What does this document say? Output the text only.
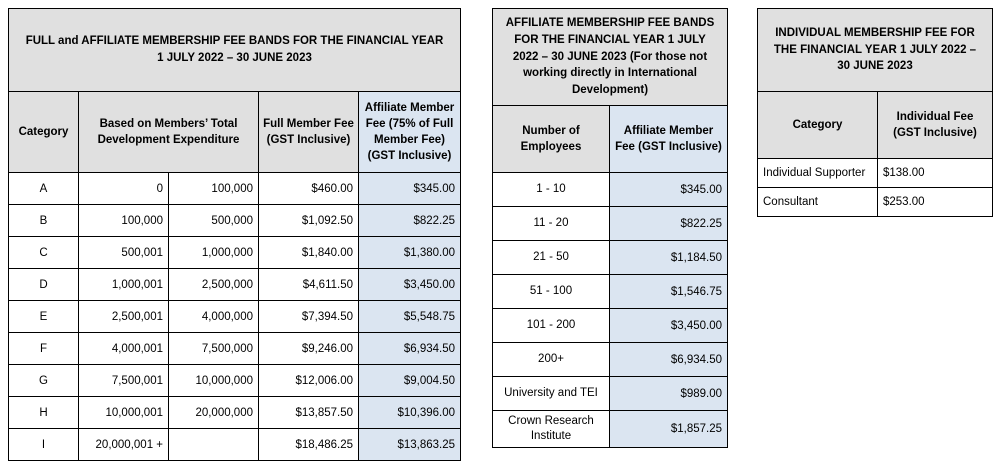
FULL and AFFILIATE MEMBERSHIP FEE BANDS FOR THE FINANCIAL YEAR 1 JULY 2022 – 30 JUNE 2023				
Category	Based on Members’ Total Development Expenditure		Full Member Fee (GST Inclusive)	Affiliate Member Fee (75% of Full Member Fee) (GST Inclusive)
A	0	100,000	$460.00	$345.00
B	100,000	500,000	$1,092.50	$822.25
C	500,001	1,000,000	$1,840.00	$1,380.00
D	1,000,001	2,500,000	$4,611.50	$3,450.00
E	2,500,001	4,000,000	$7,394.50	$5,548.75
F	4,000,001	7,500,000	$9,246.00	$6,934.50
G	7,500,001	10,000,000	$12,006.00	$9,004.50
H	10,000,001	20,000,000	$13,857.50	$10,396.00
I	20,000,001 +		$18,486.25	$13,863.25
AFFILIATE MEMBERSHIP FEE BANDS FOR THE FINANCIAL YEAR 1 JULY 2022 – 30 JUNE 2023 (For those not working directly in International Development)	
Number of Employees	Affiliate Member Fee (GST Inclusive)
1 - 10	$345.00
11 - 20	$822.25
21 - 50	$1,184.50
51 - 100	$1,546.75
101 - 200	$3,450.00
200+	$6,934.50
University and TEI	$989.00
Crown Research Institute	$1,857.25
INDIVIDUAL MEMBERSHIP FEE FOR THE FINANCIAL YEAR 1 JULY 2022 – 30 JUNE 2023	
Category	Individual Fee (GST Inclusive)
Individual Supporter	$138.00
Consultant	$253.00
